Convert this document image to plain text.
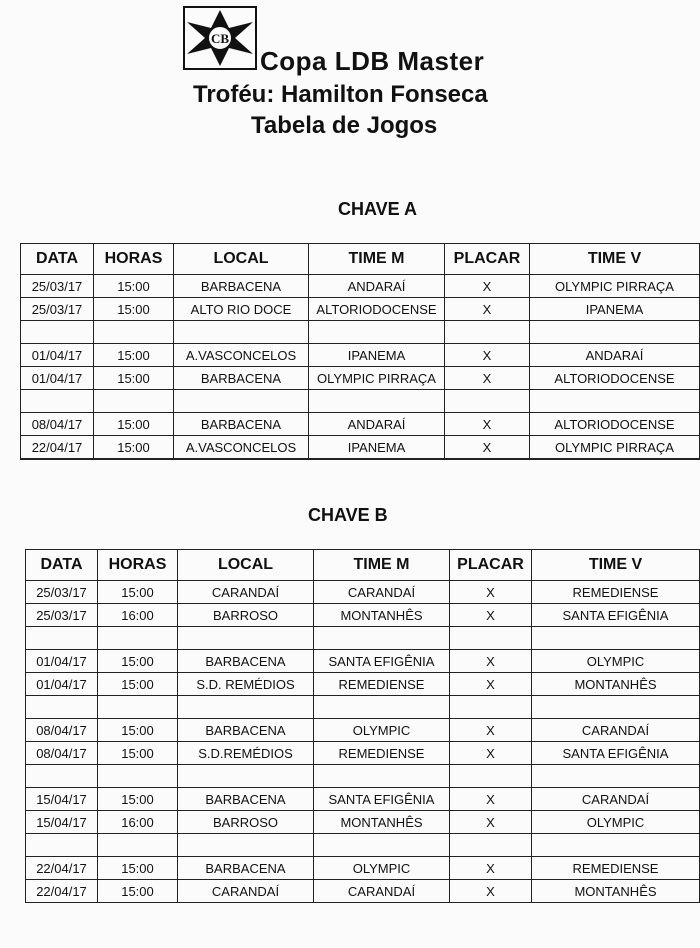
CB
Copa LDB Master
Troféu: Hamilton Fonseca
Tabela de Jogos
CHAVE A
DATA	HORAS	LOCAL	TIME M	PLACAR	TIME V
25/03/17	15:00	BARBACENA	ANDARAÍ	X	OLYMPIC PIRRAÇA
25/03/17	15:00	ALTO RIO DOCE	ALTORIODOCENSE	X	IPANEMA

01/04/17	15:00	A.VASCONCELOS	IPANEMA	X	ANDARAÍ
01/04/17	15:00	BARBACENA	OLYMPIC PIRRAÇA	X	ALTORIODOCENSE

08/04/17	15:00	BARBACENA	ANDARAÍ	X	ALTORIODOCENSE
22/04/17	15:00	A.VASCONCELOS	IPANEMA	X	OLYMPIC PIRRAÇA
CHAVE B
DATA	HORAS	LOCAL	TIME M	PLACAR	TIME V
25/03/17	15:00	CARANDAÍ	CARANDAÍ	X	REMEDIENSE
25/03/17	16:00	BARROSO	MONTANHÊS	X	SANTA EFIGÊNIA

01/04/17	15:00	BARBACENA	SANTA EFIGÊNIA	X	OLYMPIC
01/04/17	15:00	S.D. REMÉDIOS	REMEDIENSE	X	MONTANHÊS

08/04/17	15:00	BARBACENA	OLYMPIC	X	CARANDAÍ
08/04/17	15:00	S.D.REMÉDIOS	REMEDIENSE	X	SANTA EFIGÊNIA

15/04/17	15:00	BARBACENA	SANTA EFIGÊNIA	X	CARANDAÍ
15/04/17	16:00	BARROSO	MONTANHÊS	X	OLYMPIC

22/04/17	15:00	BARBACENA	OLYMPIC	X	REMEDIENSE
22/04/17	15:00	CARANDAÍ	CARANDAÍ	X	MONTANHÊS
